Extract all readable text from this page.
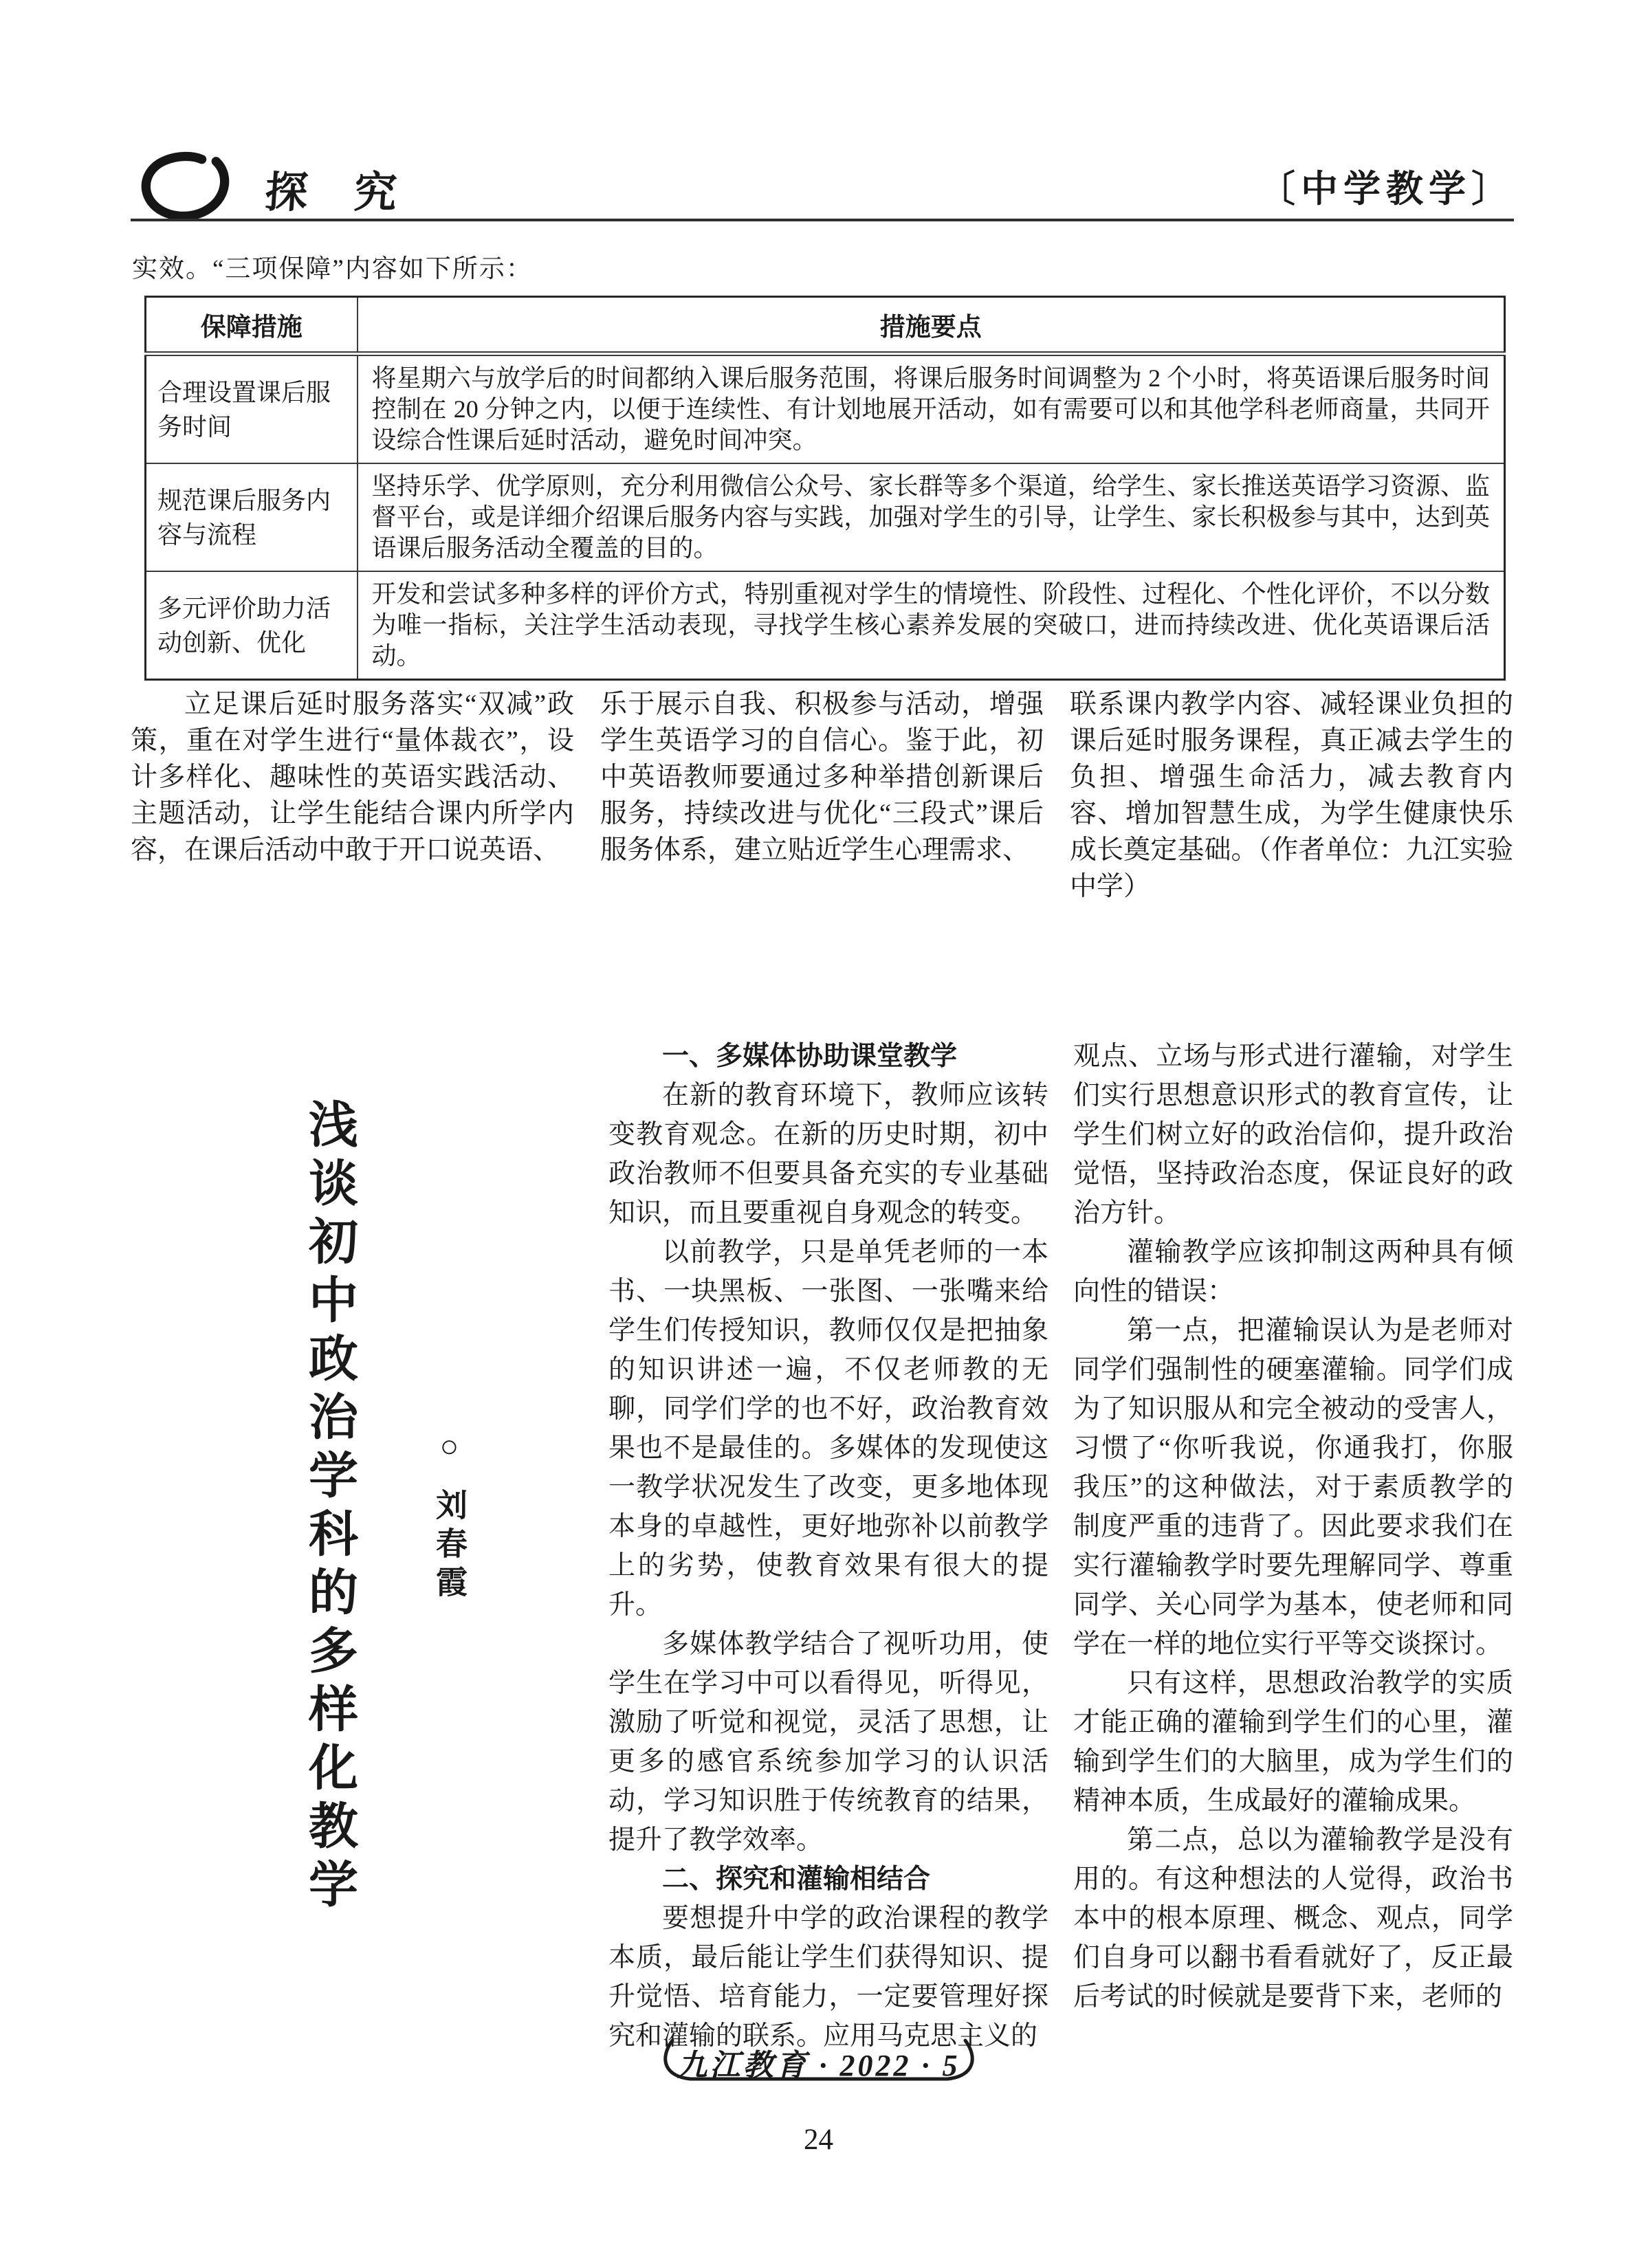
探 究	〔中学教学〕
实效。“三项保障”内容如下所示：
保障措施	措施要点
合理设置课后服务时间	将星期六与放学后的时间都纳入课后服务范围，将课后服务时间调整为 2 个小时，将英语课后服务时间控制在 20 分钟之内，以便于连续性、有计划地展开活动，如有需要可以和其他学科老师商量，共同开设综合性课后延时活动，避免时间冲突。
规范课后服务内容与流程	坚持乐学、优学原则，充分利用微信公众号、家长群等多个渠道，给学生、家长推送英语学习资源、监督平台，或是详细介绍课后服务内容与实践，加强对学生的引导，让学生、家长积极参与其中，达到英语课后服务活动全覆盖的目的。
多元评价助力活动创新、优化	开发和尝试多种多样的评价方式，特别重视对学生的情境性、阶段性、过程化、个性化评价，不以分数为唯一指标，关注学生活动表现，寻找学生核心素养发展的突破口，进而持续改进、优化英语课后活动。
立足课后延时服务落实“双减”政策，重在对学生进行“量体裁衣”，设计多样化、趣味性的英语实践活动、主题活动，让学生能结合课内所学内容，在课后活动中敢于开口说英语、
乐于展示自我、积极参与活动，增强学生英语学习的自信心。鉴于此，初中英语教师要通过多种举措创新课后服务，持续改进与优化“三段式”课后服务体系，建立贴近学生心理需求、
联系课内教学内容、减轻课业负担的课后延时服务课程，真正减去学生的负担、增强生命活力，减去教育内容、增加智慧生成，为学生健康快乐成长奠定基础。（作者单位：九江实验中学）
浅谈初中政治学科的多样化教学 ○刘春霞

一、多媒体协助课堂教学

在新的教育环境下，教师应该转变教育观念。在新的历史时期，初中政治教师不但要具备充实的专业基础知识，而且要重视自身观念的转变。

以前教学，只是单凭老师的一本书、一块黑板、一张图、一张嘴来给学生们传授知识，教师仅仅是把抽象的知识讲述一遍，不仅老师教的无聊，同学们学的也不好，政治教育效果也不是最佳的。多媒体的发现使这一教学状况发生了改变，更多地体现本身的卓越性，更好地弥补以前教学上的劣势，使教育效果有很大的提升。

多媒体教学结合了视听功用，使学生在学习中可以看得见，听得见，激励了听觉和视觉，灵活了思想，让更多的感官系统参加学习的认识活动，学习知识胜于传统教育的结果，提升了教学效率。

二、探究和灌输相结合

要想提升中学的政治课程的教学本质，最后能让学生们获得知识、提升觉悟、培育能力，一定要管理好探究和灌输的联系。应用马克思主义的

观点、立场与形式进行灌输，对学生们实行思想意识形式的教育宣传，让学生们树立好的政治信仰，提升政治觉悟，坚持政治态度，保证良好的政治方针。

灌输教学应该抑制这两种具有倾向性的错误：

第一点，把灌输误认为是老师对同学们强制性的硬塞灌输。同学们成为了知识服从和完全被动的受害人，习惯了“你听我说，你通我打，你服我压”的这种做法，对于素质教学的制度严重的违背了。因此要求我们在实行灌输教学时要先理解同学、尊重同学、关心同学为基本，使老师和同学在一样的地位实行平等交谈探讨。

只有这样，思想政治教学的实质才能正确的灌输到学生们的心里，灌输到学生们的大脑里，成为学生们的精神本质，生成最好的灌输成果。

第二点，总以为灌输教学是没有用的。有这种想法的人觉得，政治书本中的根本原理、概念、观点，同学们自身可以翻书看看就好了，反正最后考试的时候就是要背下来，老师的

九江教育 · 2022 · 5
24
